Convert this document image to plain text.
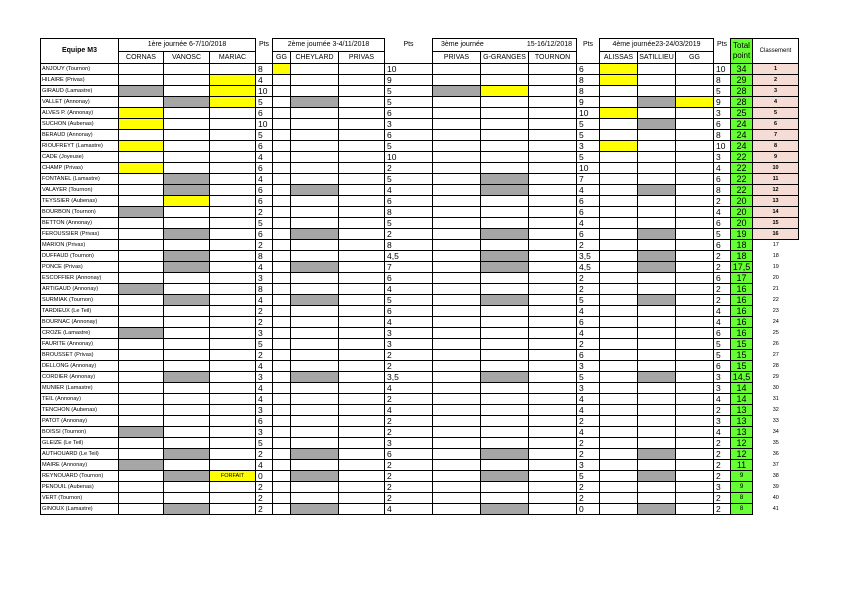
Equipe M3	1ère journée 6-7/10/2018			Pts	2ème journée 3-4/11/2018			Pts	3ème journée 15-16/12/2018			Pts	4ème journée23-24/03/2019			Pts	Total point	Classement
	CORNAS	VANOSC	MARIAC		GG	CHEYLARD	PRIVAS		PRIVAS	G-GRANGES	TOURNON		ALISSAS	SATILLIEU	GG			
ANJOUY (Tournon)				8				10				6				10	34	1
HILAIRE (Privas)				4				9				8				8	29	2
GIRAUD (Lamastre)				10				5				8				5	28	3
VALLET (Annonay)				5				5				9				9	28	4
ALVES P. (Annonay)				6				6				10				3	25	5
SUCHON (Aubenas)				10				3				5				6	24	6
BERAUD (Annonay)				5				6				5				8	24	7
RIOUFREYT (Lamastre)				6				5				3				10	24	8
CADE (Joyeuse)				4				10				5				3	22	9
CHAMP (Privas)				6				2				10				4	22	10
FONTANEL (Lamastre)				4				5				7				6	22	11
VALAYER (Tournon)				6				4				4				8	22	12
TEYSSIER (Aubenas)				6				6				6				2	20	13
BOURBON (Tournon)				2				8				6				4	20	14
BETTON (Annonay)				5				5				4				6	20	15
FEROUSSIER (Privas)				6				2				6				5	19	16
MARION (Privas)				2				8				2				6	18	17
DUFFAUD (Tournon)				8				4,5				3,5				2	18	18
PONCE (Privas)				4				7				4,5				2	17,5	19
ESCOFFIER (Annonay)				3				6				2				6	17	20
ARTIGAUD (Annonay)				8				4				2				2	16	21
SURMIAK (Tournon)				4				5				5				2	16	22
TARDIEUX (Le Teil)				2				6				4				4	16	23
BOURNAC (Annonay)				2				4				6				4	16	24
CROZE (Lamastre)				3				3				4				6	16	25
FAURITE (Annonay)				5				3				2				5	15	26
BROUSSET (Privas)				2				2				6				5	15	27
DELLONG (Annonay)				4				2				3				6	15	28
CORDIER (Annonay)				3				3,5				5				3	14,5	29
MUNIER (Lamastre)				4				4				3				3	14	30
TEIL (Annonay)				4				2				4				4	14	31
TENCHON (Aubenas)				3				4				4				2	13	32
PATOT (Annonay)				6				2				2				3	13	33
BOISSI (Tournon)				3				2				4				4	13	34
GLEIZE (Le Teil)				5				3				2				2	12	35
AUTHOUARD (Le Teil)				2				6				2				2	12	36
MAIRE (Annonay)				4				2				3				2	11	37
REYNOUARD (Tournon)			FORFAIT	0				2				5				2	9	38
PENOUIL (Aubenas)				2				2				2				3	9	39
VERT (Tournon)				2				2				2				2	8	40
GINOUX (Lamastre)				2				4				0				2	8	41
